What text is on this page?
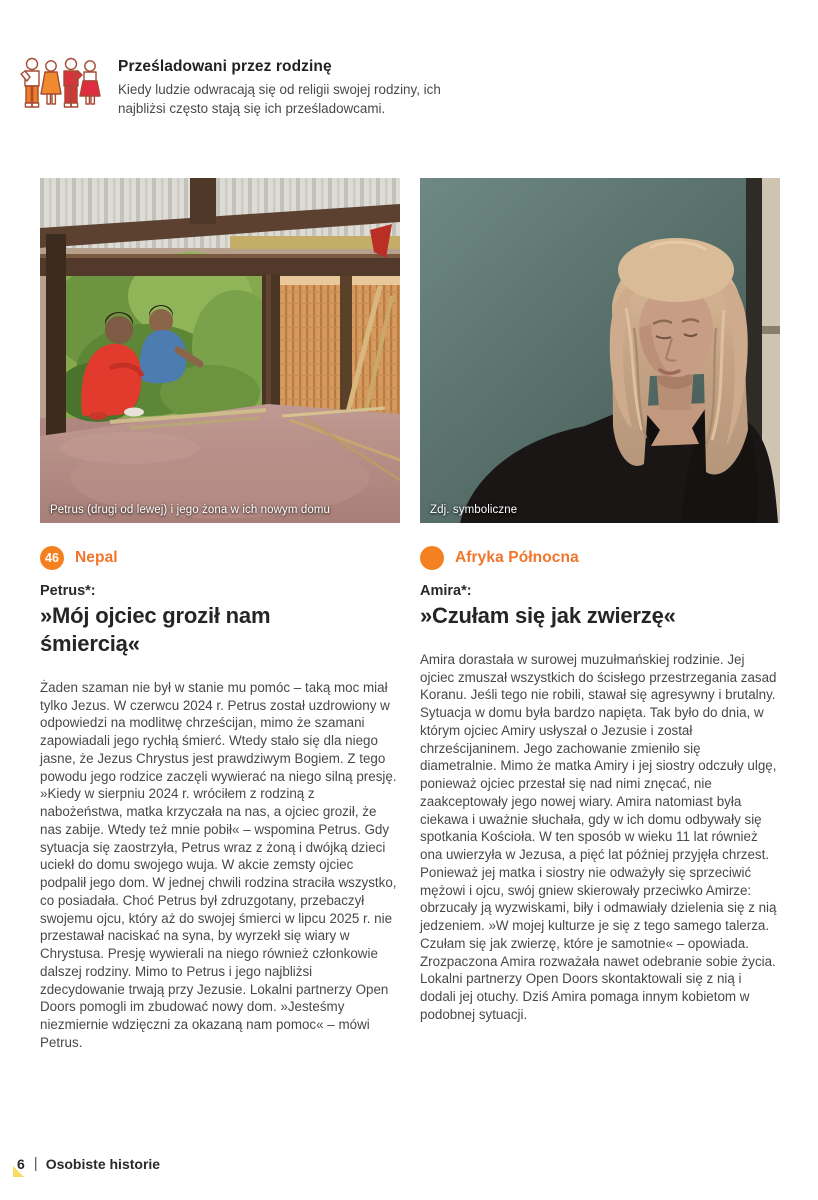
Prześladowani przez rodzinę
Kiedy ludzie odwracają się od religii swojej rodziny, ich najbliżsi często stają się ich prześladowcami.
Petrus (drugi od lewej) i jego żona w ich nowym domu
46	Nepal
Petrus*:
»Mój ojciec groził nam śmiercią«
Żaden szaman nie był w stanie mu pomóc – taką moc miał tylko Jezus. W czerwcu 2024 r. Petrus został uzdrowiony w odpowiedzi na modlitwę chrześcijan, mimo że szamani zapowiadali jego rychłą śmierć. Wtedy stało się dla niego jasne, że Jezus Chrystus jest prawdziwym Bogiem. Z tego powodu jego rodzice zaczęli wywierać na niego silną presję. »Kiedy w sierpniu 2024 r. wróciłem z rodziną z nabożeństwa, matka krzyczała na nas, a ojciec groził, że nas zabije. Wtedy też mnie pobił« – wspomina Petrus. Gdy sytuacja się zaostrzyła, Petrus wraz z żoną i dwójką dzieci uciekł do domu swojego wuja. W akcie zemsty ojciec podpalił jego dom. W jednej chwili rodzina straciła wszystko, co posiadała. Choć Petrus był zdruzgotany, przebaczył swojemu ojcu, który aż do swojej śmierci w lipcu 2025 r. nie przestawał naciskać na syna, by wyrzekł się wiary w Chrystusa. Presję wywierali na niego również członkowie dalszej rodziny. Mimo to Petrus i jego najbliżsi zdecydowanie trwają przy Jezusie. Lokalni partnerzy Open Doors pomogli im zbudować nowy dom. »Jesteśmy niezmiernie wdzięczni za okazaną nam pomoc« – mówi Petrus.
Zdj. symboliczne
Afryka Północna
Amira*:
»Czułam się jak zwierzę«
Amira dorastała w surowej muzułmańskiej rodzinie. Jej ojciec zmuszał wszystkich do ścisłego przestrzegania zasad Koranu. Jeśli tego nie robili, stawał się agresywny i brutalny. Sytuacja w domu była bardzo napięta. Tak było do dnia, w którym ojciec Amiry usłyszał o Jezusie i został chrześcijaninem. Jego zachowanie zmieniło się diametralnie. Mimo że matka Amiry i jej siostry odczuły ulgę, ponieważ ojciec przestał się nad nimi znęcać, nie zaakceptowały jego nowej wiary. Amira natomiast była ciekawa i uważnie słuchała, gdy w ich domu odbywały się spotkania Kościoła. W ten sposób w wieku 11 lat również ona uwierzyła w Jezusa, a pięć lat później przyjęła chrzest. Ponieważ jej matka i siostry nie odważyły się sprzeciwić mężowi i ojcu, swój gniew skierowały przeciwko Amirze: obrzucały ją wyzwiskami, biły i odmawiały dzielenia się z nią jedzeniem. »W mojej kulturze je się z tego samego talerza. Czułam się jak zwierzę, które je samotnie« – opowiada. Zrozpaczona Amira rozważała nawet odebranie sobie życia. Lokalni partnerzy Open Doors skontaktowali się z nią i dodali jej otuchy. Dziś Amira pomaga innym kobietom w podobnej sytuacji.
6 | Osobiste historie
